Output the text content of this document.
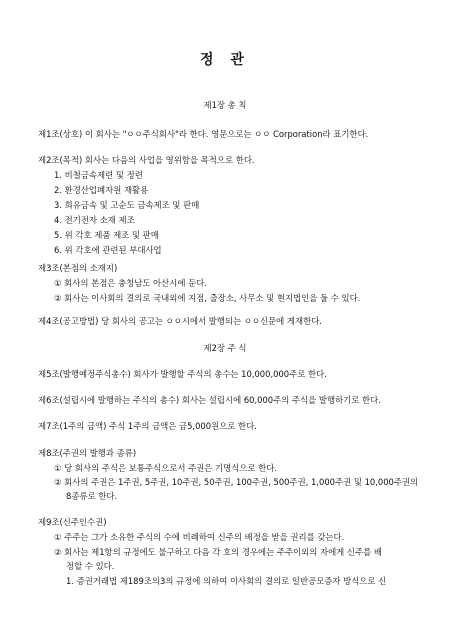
정 관
제1장 총 칙
제1조(상호) 이 회사는 "ㅇㅇ주식회사"라 한다. 영문으로는 ㅇㅇ Corporation라 표기한다.
제2조(목적) 회사는 다음의 사업을 영위함을 목적으로 한다.
1. 비철금속제련 및 정련
2. 환경산업폐자원 재활용
3. 희유금속 및 고순도 금속제조 및 판매
4. 전기전자 소재 제조
5. 위 각호 제품 제조 및 판매
6. 위 각호에 관련된 부대사업
제3조(본점의 소재지)
① 회사의 본점은 충청남도 아산시에 둔다.
② 회사는 이사회의 결의로 국내외에 지점, 출장소, 사무소 및 현지법인을 둘 수 있다.
제4조(공고방법) 당 회사의 공고는 ㅇㅇ시에서 발행되는 ㅇㅇ신문에 게재한다.
제2장 주 식
제5조(발행예정주식총수) 회사가 발행할 주식의 총수는 10,000,000주로 한다.
제6조(설립시에 발행하는 주식의 총수) 회사는 설립시에 60,000주의 주식을 발행하기로 한다.
제7조(1주의 금액) 주식 1주의 금액은 금5,000원으로 한다.
제8조(주권의 발행과 종류)
① 당 회사의 주식은 보통주식으로서 주권은 기명식으로 한다.
② 회사의 주권은 1주권, 5주권, 10주권, 50주권, 100주권, 500주권, 1,000주권 및 10,000주권의
8종류로 한다.
제9조(신주인수권)
① 주주는 그가 소유한 주식의 수에 비례하여 신주의 배정을 받을 권리를 갖는다.
② 회사는 제1항의 규정에도 불구하고 다음 각 호의 경우에는 주주이외의 자에게 신주를 배
정할 수 있다.
1. 증권거래법 제189조의3의 규정에 의하여 이사회의 결의로 일반공모증자 방식으로 신
